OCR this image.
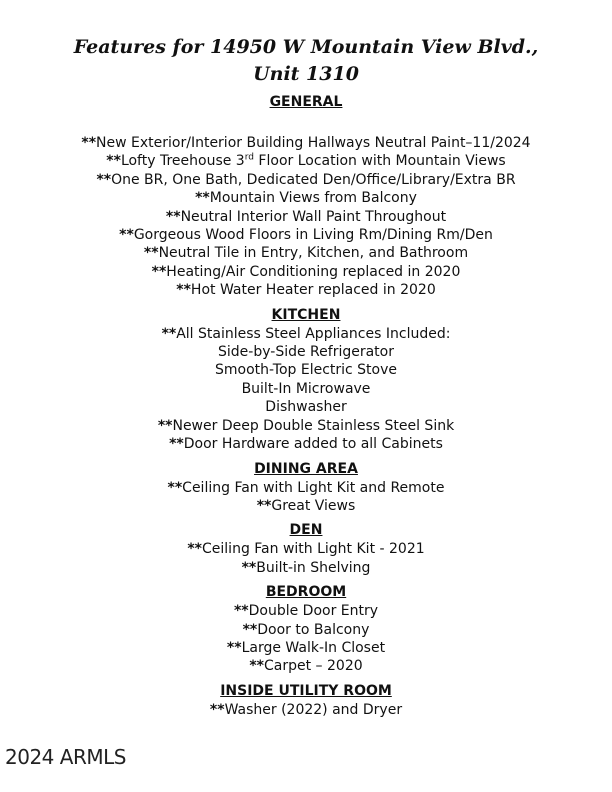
Features for 14950 W Mountain View Blvd.,
Unit 1310
GENERAL
**New Exterior/Interior Building Hallways Neutral Paint–11/2024
**Lofty Treehouse 3rd Floor Location with Mountain Views
**One BR, One Bath, Dedicated Den/Office/Library/Extra BR
**Mountain Views from Balcony
**Neutral Interior Wall Paint Throughout
**Gorgeous Wood Floors in Living Rm/Dining Rm/Den
**Neutral Tile in Entry, Kitchen, and Bathroom
**Heating/Air Conditioning replaced in 2020
**Hot Water Heater replaced in 2020
KITCHEN
**All Stainless Steel Appliances Included:
Side-by-Side Refrigerator
Smooth-Top Electric Stove
Built-In Microwave
Dishwasher
**Newer Deep Double Stainless Steel Sink
**Door Hardware added to all Cabinets
DINING AREA
**Ceiling Fan with Light Kit and Remote
**Great Views
DEN
**Ceiling Fan with Light Kit - 2021
**Built-in Shelving
BEDROOM
**Double Door Entry
**Door to Balcony
**Large Walk-In Closet
**Carpet – 2020
INSIDE UTILITY ROOM
**Washer (2022) and Dryer
2024 ARMLS
